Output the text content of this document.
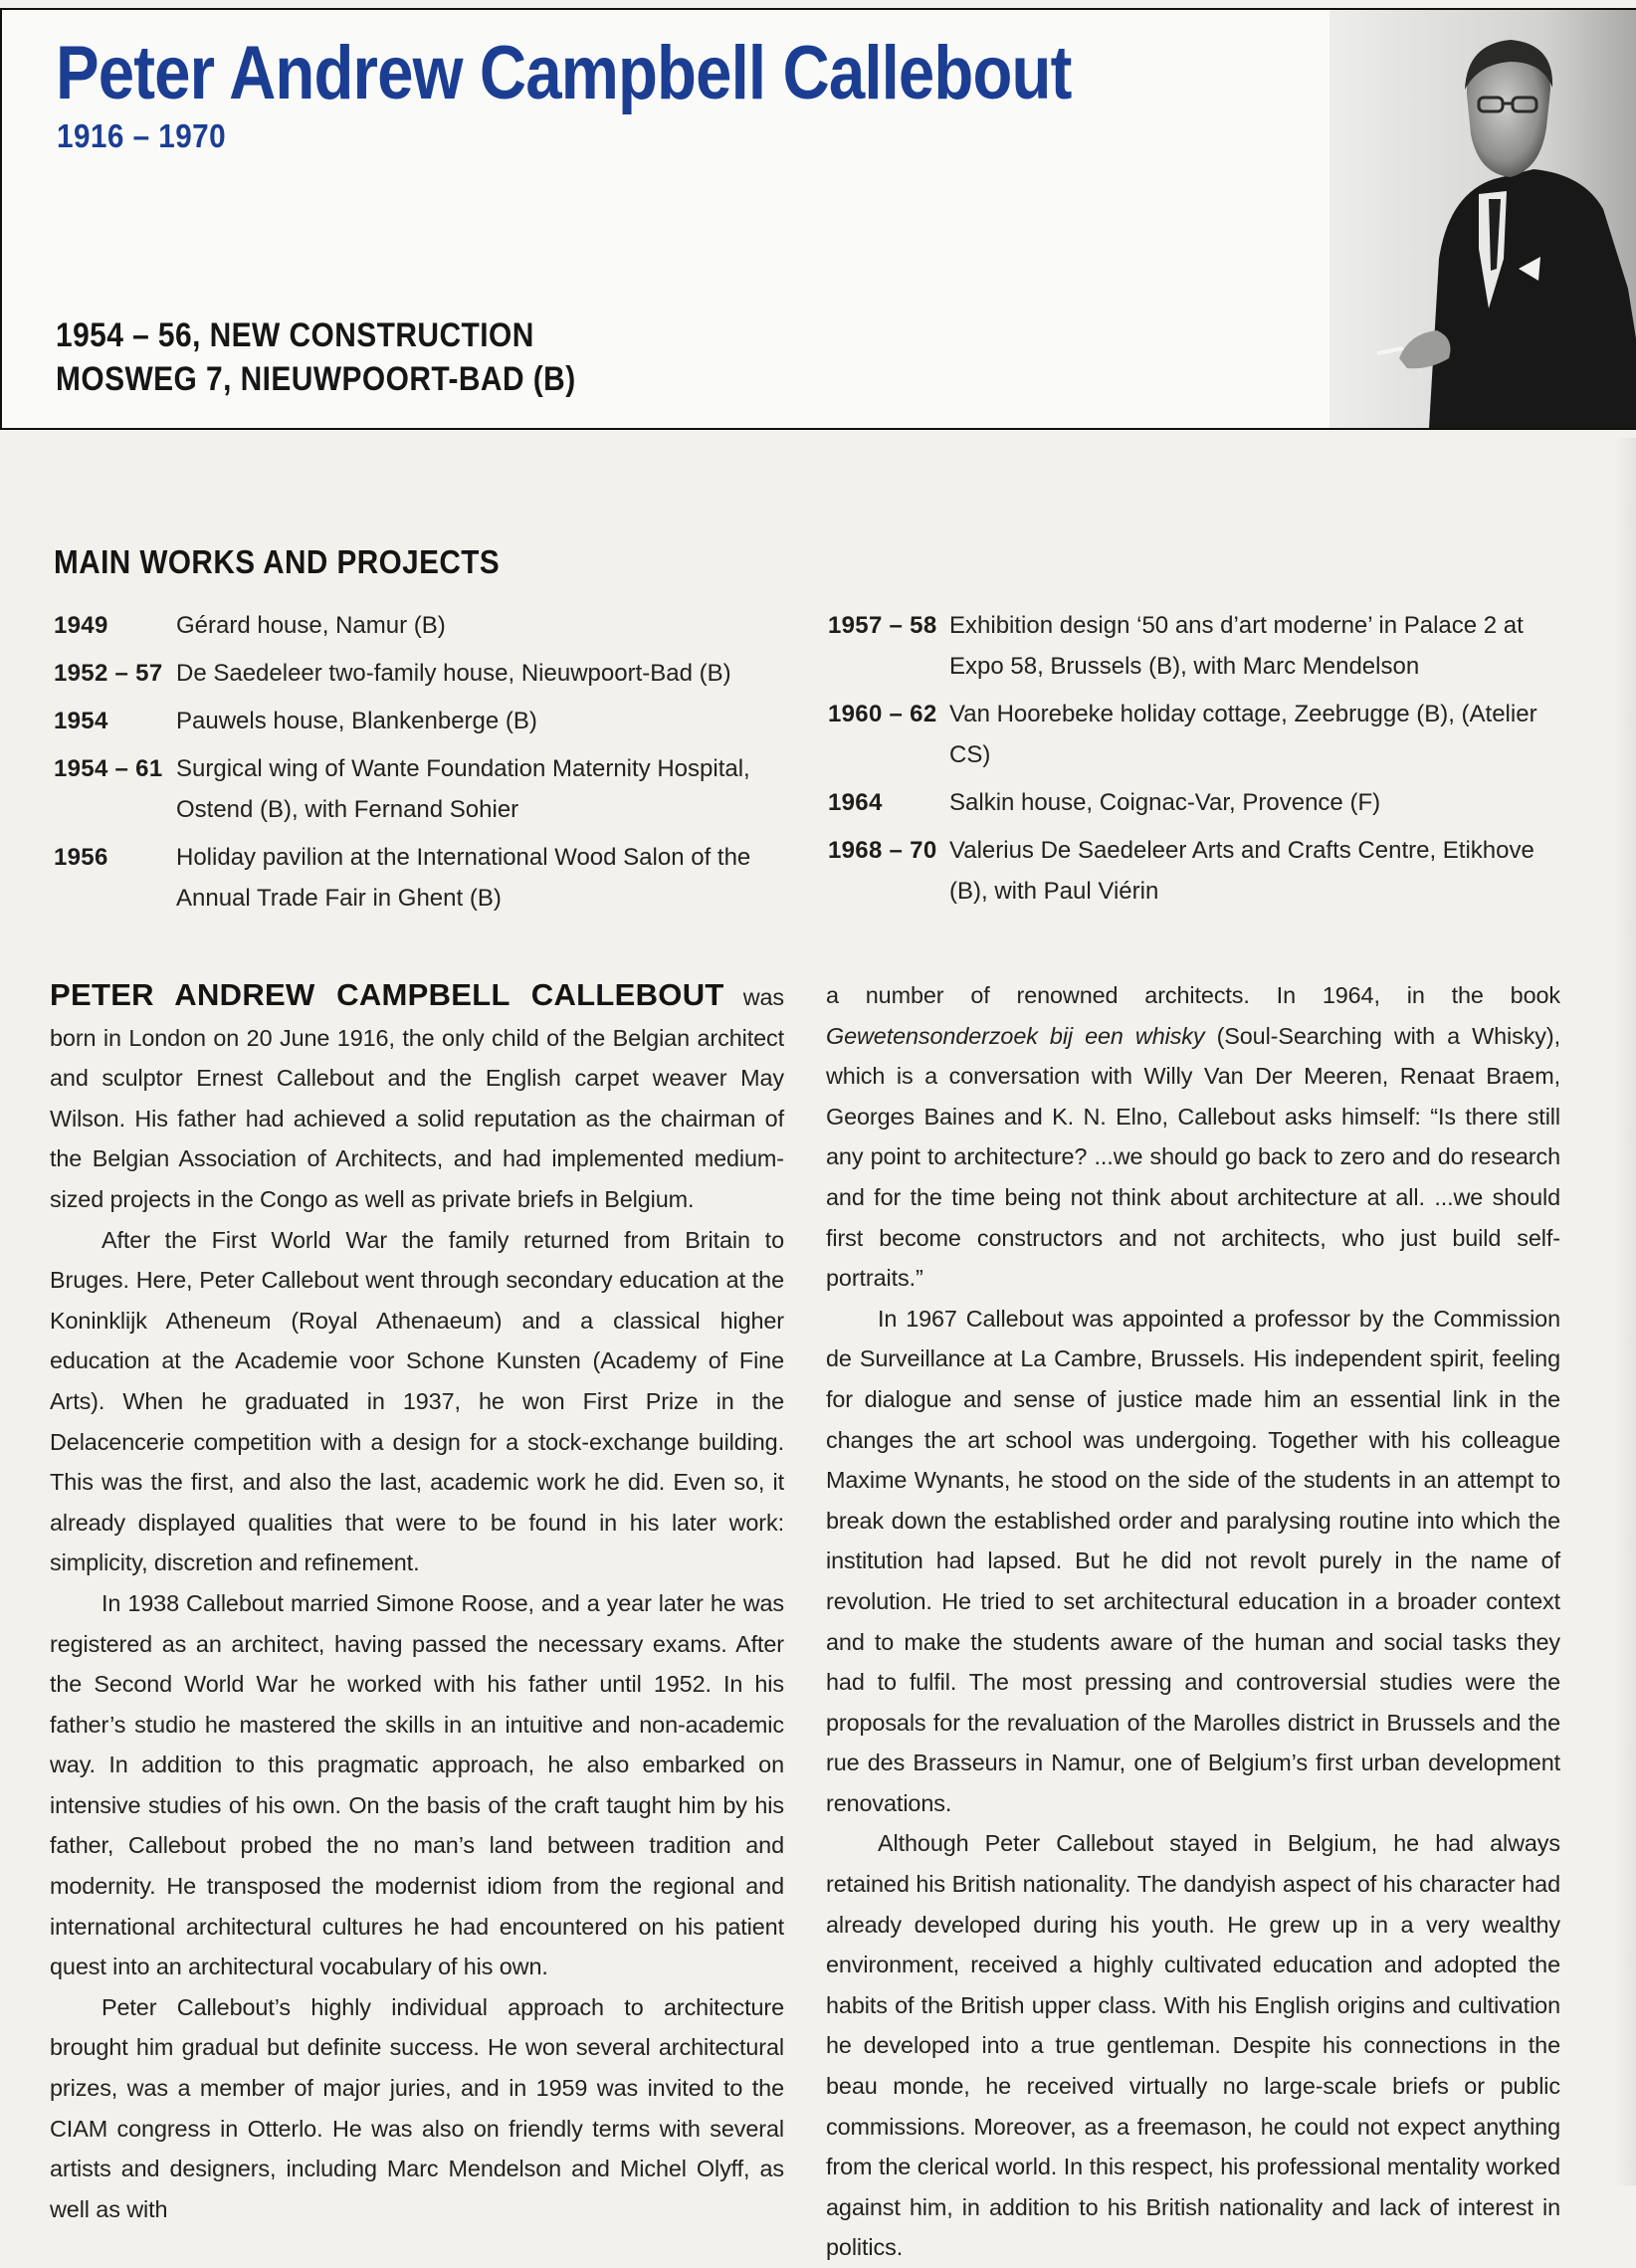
Peter Andrew Campbell Callebout
1916 – 1970
1954 – 56, NEW CONSTRUCTION
MOSWEG 7, NIEUWPOORT-BAD (B)
MAIN WORKS AND PROJECTS
1949	Gérard house, Namur (B)
1952 – 57 De Saedeleer two-family house, Nieuwpoort-Bad (B)
1954	Pauwels house, Blankenberge (B)
1954 – 61 Surgical wing of Wante Foundation Maternity Hospital, Ostend (B), with Fernand Sohier
1956	Holiday pavilion at the International Wood Salon of the Annual Trade Fair in Ghent (B)
1957 – 58 Exhibition design ‘50 ans d’art moderne’ in Palace 2 at Expo 58, Brussels (B), with Marc Mendelson
1960 – 62 Van Hoorebeke holiday cottage, Zeebrugge (B), (Atelier CS)
1964	Salkin house, Coignac-Var, Provence (F)
1968 – 70 Valerius De Saedeleer Arts and Crafts Centre, Etikhove (B), with Paul Viérin

PETER ANDREW CAMPBELL CALLEBOUT was born in London on 20 June 1916, the only child of the Belgian architect and sculptor Ernest Callebout and the English carpet weaver May Wilson. His father had achieved a solid reputation as the chairman of the Belgian Association of Architects, and had implemented medium-sized projects in the Congo as well as private briefs in Belgium.

After the First World War the family returned from Britain to Bruges. Here, Peter Callebout went through secondary education at the Koninklijk Atheneum (Royal Athenaeum) and a classical higher education at the Academie voor Schone Kunsten (Academy of Fine Arts). When he graduated in 1937, he won First Prize in the Delacencerie competition with a design for a stock-exchange building. This was the first, and also the last, academic work he did. Even so, it already displayed qualities that were to be found in his later work: simplicity, discretion and refinement.

In 1938 Callebout married Simone Roose, and a year later he was registered as an architect, having passed the necessary exams. After the Second World War he worked with his father until 1952. In his father’s studio he mastered the skills in an intuitive and non-academic way. In addition to this pragmatic approach, he also embarked on intensive studies of his own. On the basis of the craft taught him by his father, Callebout probed the no man’s land between tradition and modernity. He transposed the modernist idiom from the regional and international architectural cultures he had encountered on his patient quest into an architectural vocabulary of his own.

Peter Callebout’s highly individual approach to architecture brought him gradual but definite success. He won several architectural prizes, was a member of major juries, and in 1959 was invited to the CIAM congress in Otterlo. He was also on friendly terms with several artists and designers, including Marc Mendelson and Michel Olyff, as well as with

a number of renowned architects. In 1964, in the book Gewetensonderzoek bij een whisky (Soul-Searching with a Whisky), which is a conversation with Willy Van Der Meeren, Renaat Braem, Georges Baines and K. N. Elno, Callebout asks himself: “Is there still any point to architecture? ...we should go back to zero and do research and for the time being not think about architecture at all. ...we should first become constructors and not architects, who just build self-portraits.”

In 1967 Callebout was appointed a professor by the Commission de Surveillance at La Cambre, Brussels. His independent spirit, feeling for dialogue and sense of justice made him an essential link in the changes the art school was undergoing. Together with his colleague Maxime Wynants, he stood on the side of the students in an attempt to break down the established order and paralysing routine into which the institution had lapsed. But he did not revolt purely in the name of revolution. He tried to set architectural education in a broader context and to make the students aware of the human and social tasks they had to fulfil. The most pressing and controversial studies were the proposals for the revaluation of the Marolles district in Brussels and the rue des Brasseurs in Namur, one of Belgium’s first urban development renovations.

Although Peter Callebout stayed in Belgium, he had always retained his British nationality. The dandyish aspect of his character had already developed during his youth. He grew up in a very wealthy environment, received a highly cultivated education and adopted the habits of the British upper class. With his English origins and cultivation he developed into a true gentleman. Despite his connections in the beau monde, he received virtually no large-scale briefs or public commissions. Moreover, as a freemason, he could not expect anything from the clerical world. In this respect, his professional mentality worked against him, in addition to his British nationality and lack of interest in politics.
